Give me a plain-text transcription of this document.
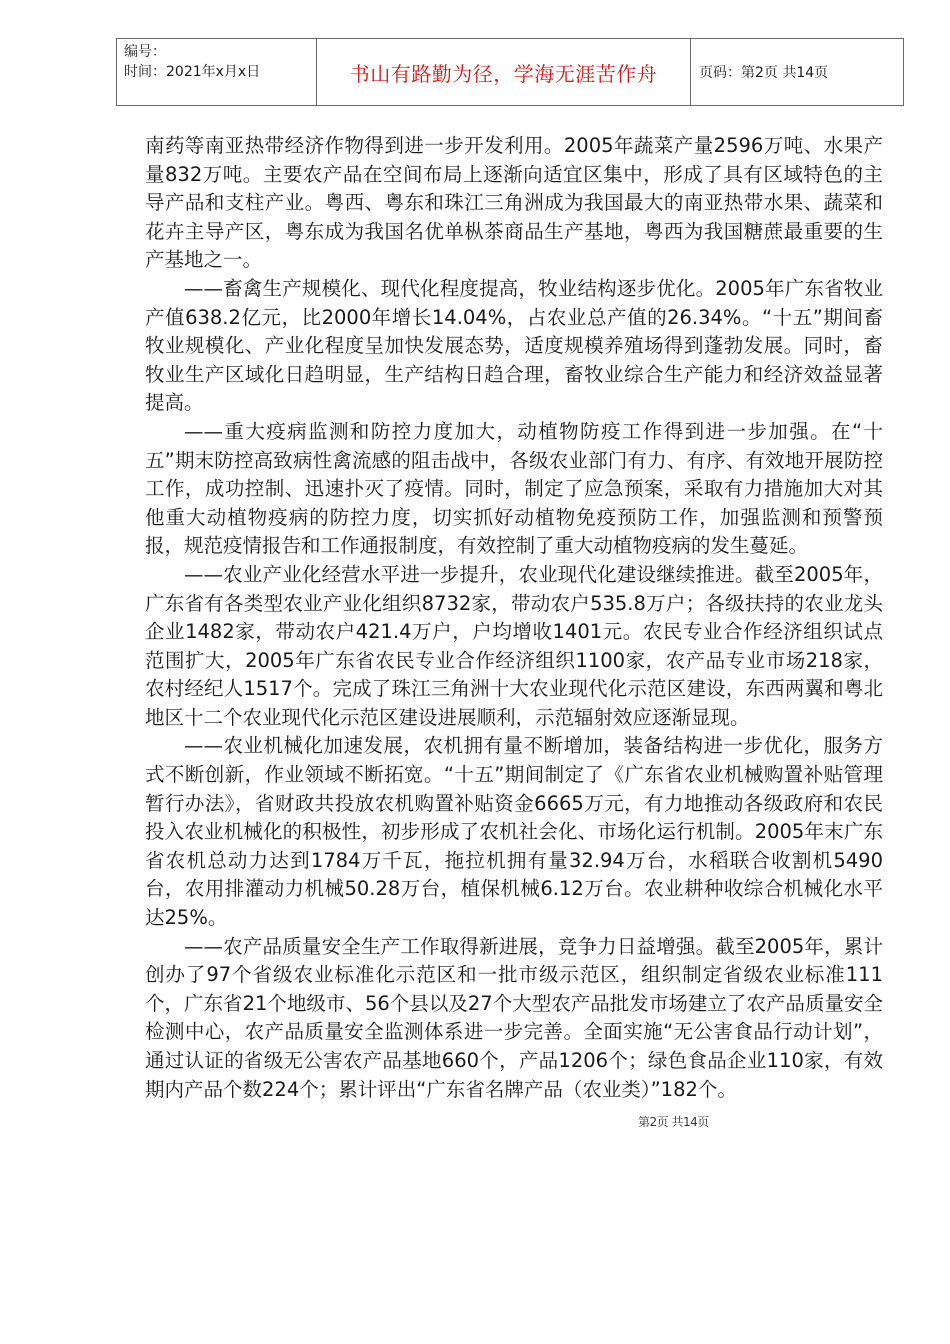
编号：
时间：2021年x月x日	书山有路勤为径，学海无涯苦作舟	页码：第2页 共14页

南药等南亚热带经济作物得到进一步开发利用。2005年蔬菜产量2596万吨、水果产量832万吨。主要农产品在空间布局上逐渐向适宜区集中，形成了具有区域特色的主导产品和支柱产业。粤西、粤东和珠江三角洲成为我国最大的南亚热带水果、蔬菜和花卉主导产区，粤东成为我国名优单枞茶商品生产基地，粤西为我国糖蔗最重要的生产基地之一。

——畜禽生产规模化、现代化程度提高，牧业结构逐步优化。2005年广东省牧业产值638.2亿元，比2000年增长14.04%，占农业总产值的26.34%。“十五”期间畜牧业规模化、产业化程度呈加快发展态势，适度规模养殖场得到蓬勃发展。同时，畜牧业生产区域化日趋明显，生产结构日趋合理，畜牧业综合生产能力和经济效益显著提高。

——重大疫病监测和防控力度加大，动植物防疫工作得到进一步加强。在“十五”期末防控高致病性禽流感的阻击战中，各级农业部门有力、有序、有效地开展防控工作，成功控制、迅速扑灭了疫情。同时，制定了应急预案，采取有力措施加大对其他重大动植物疫病的防控力度，切实抓好动植物免疫预防工作，加强监测和预警预报，规范疫情报告和工作通报制度，有效控制了重大动植物疫病的发生蔓延。

——农业产业化经营水平进一步提升，农业现代化建设继续推进。截至2005年，广东省有各类型农业产业化组织8732家，带动农户535.8万户；各级扶持的农业龙头企业1482家，带动农户421.4万户，户均增收1401元。农民专业合作经济组织试点范围扩大，2005年广东省农民专业合作经济组织1100家，农产品专业市场218家，农村经纪人1517个。完成了珠江三角洲十大农业现代化示范区建设，东西两翼和粤北地区十二个农业现代化示范区建设进展顺利，示范辐射效应逐渐显现。

——农业机械化加速发展，农机拥有量不断增加，装备结构进一步优化，服务方式不断创新，作业领域不断拓宽。“十五”期间制定了《广东省农业机械购置补贴管理暂行办法》，省财政共投放农机购置补贴资金6665万元，有力地推动各级政府和农民投入农业机械化的积极性，初步形成了农机社会化、市场化运行机制。2005年末广东省农机总动力达到1784万千瓦，拖拉机拥有量32.94万台，水稻联合收割机5490台，农用排灌动力机械50.28万台，植保机械6.12万台。农业耕种收综合机械化水平达25%。

——农产品质量安全生产工作取得新进展，竞争力日益增强。截至2005年，累计创办了97个省级农业标准化示范区和一批市级示范区，组织制定省级农业标准111个，广东省21个地级市、56个县以及27个大型农产品批发市场建立了农产品质量安全检测中心，农产品质量安全监测体系进一步完善。全面实施“无公害食品行动计划”，通过认证的省级无公害农产品基地660个，产品1206个；绿色食品企业110家，有效期内产品个数224个；累计评出“广东省名牌产品（农业类）”182个。

第2页 共14页
